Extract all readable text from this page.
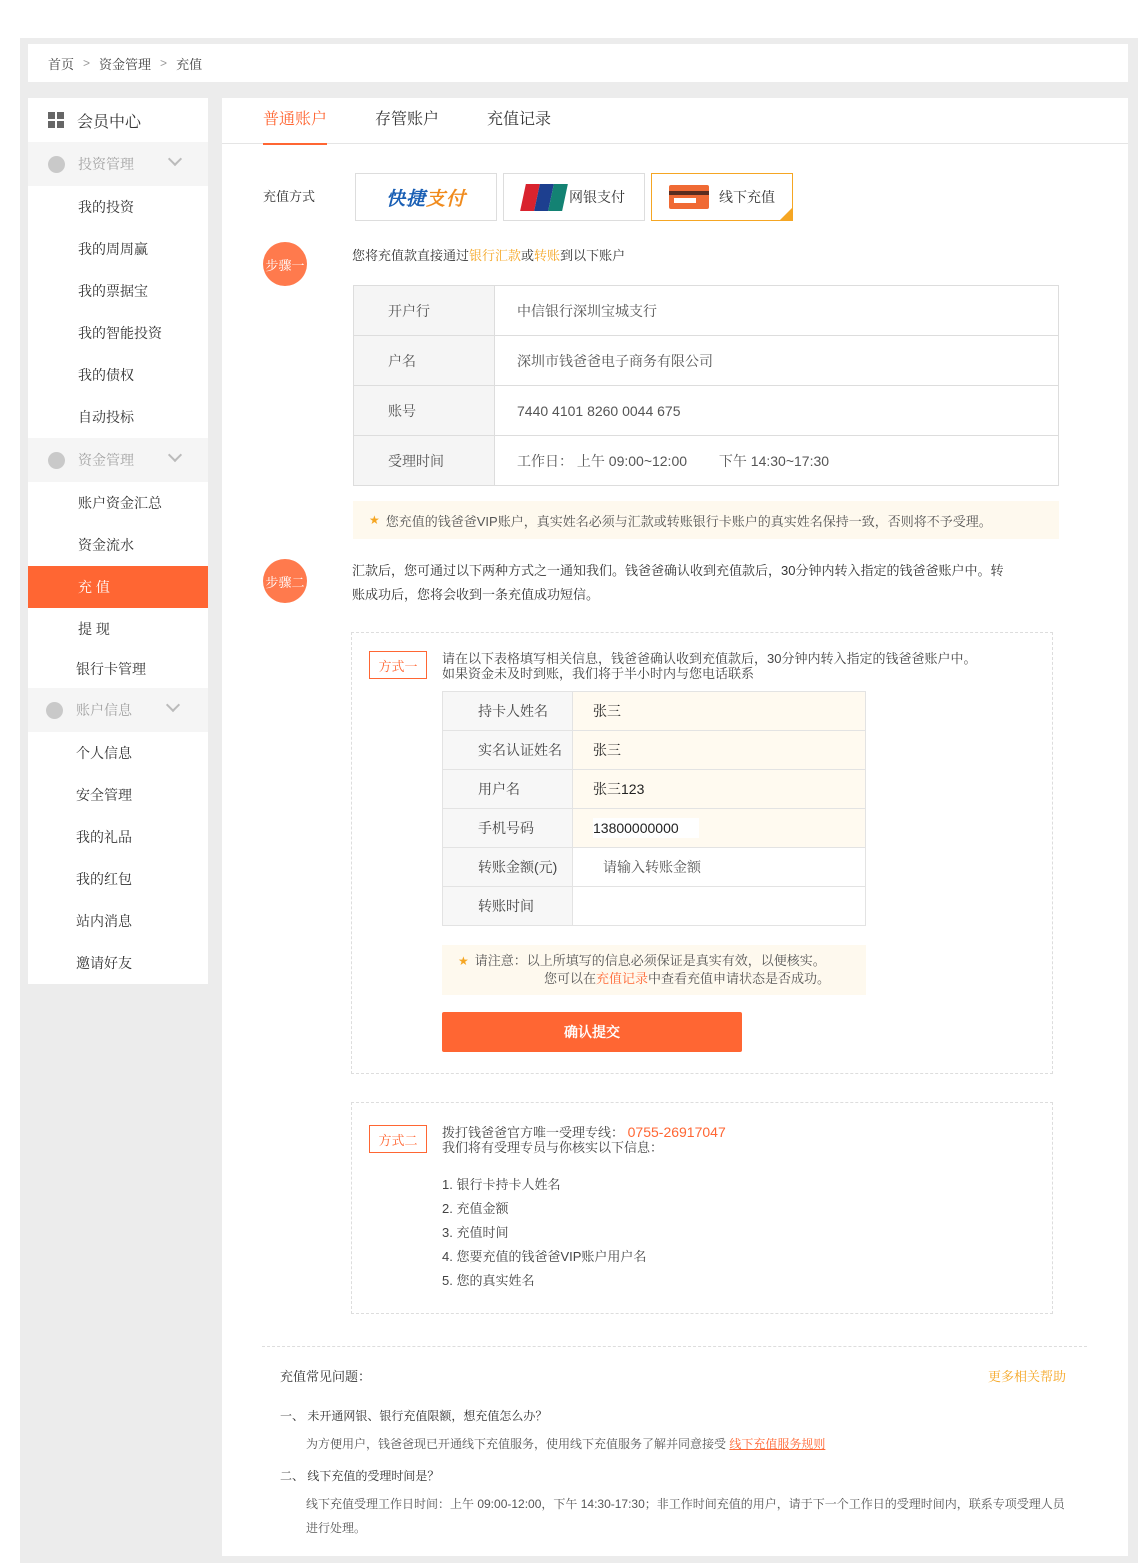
首页 > 资金管理 > 充值
会员中心
投资管理
我的投资
我的周周赢
我的票据宝
我的智能投资
我的债权
自动投标
资金管理
账户资金汇总
资金流水
充 值
提 现
银行卡管理
账户信息
个人信息
安全管理
我的礼品
我的红包
站内消息
邀请好友
普通账户	存管账户	充值记录
充值方式	快捷支付	网银支付	线下充值
步骤一
您将充值款直接通过银行汇款或转账到以下账户
开户行	中信银行深圳宝城支行
户名	深圳市钱爸爸电子商务有限公司
账号	7440 4101 8260 0044 675
受理时间	工作日： 上午 09:00~12:00 　　下午 14:30~17:30
★ 您充值的钱爸爸VIP账户，真实姓名必须与汇款或转账银行卡账户的真实姓名保持一致，否则将不予受理。
步骤二
汇款后，您可通过以下两种方式之一通知我们。钱爸爸确认收到充值款后，30分钟内转入指定的钱爸爸账户中。转
账成功后，您将会收到一条充值成功短信。
方式一	请在以下表格填写相关信息，钱爸爸确认收到充值款后，30分钟内转入指定的钱爸爸账户中。
如果资金未及时到账，我们将于半小时内与您电话联系
持卡人姓名	张三
实名认证姓名	张三
用户名	张三123
手机号码	13800000000
转账金额(元)	请输入转账金额
转账时间	
★ 请注意：以上所填写的信息必须保证是真实有效，以便核实。
您可以在充值记录中查看充值申请状态是否成功。
确认提交
方式二	拨打钱爸爸官方唯一受理专线： 0755-26917047
我们将有受理专员与你核实以下信息：
1. 银行卡持卡人姓名
2. 充值金额
3. 充值时间
4. 您要充值的钱爸爸VIP账户用户名
5. 您的真实姓名
充值常见问题：	更多相关帮助
一、 未开通网银、银行充值限额，想充值怎么办？
为方便用户，钱爸爸现已开通线下充值服务，使用线下充值服务了解并同意接受 线下充值服务规则
二、 线下充值的受理时间是？
线下充值受理工作日时间：上午 09:00-12:00，下午 14:30-17:30；非工作时间充值的用户，请于下一个工作日的受理时间内，联系专项受理人员进行处理。
